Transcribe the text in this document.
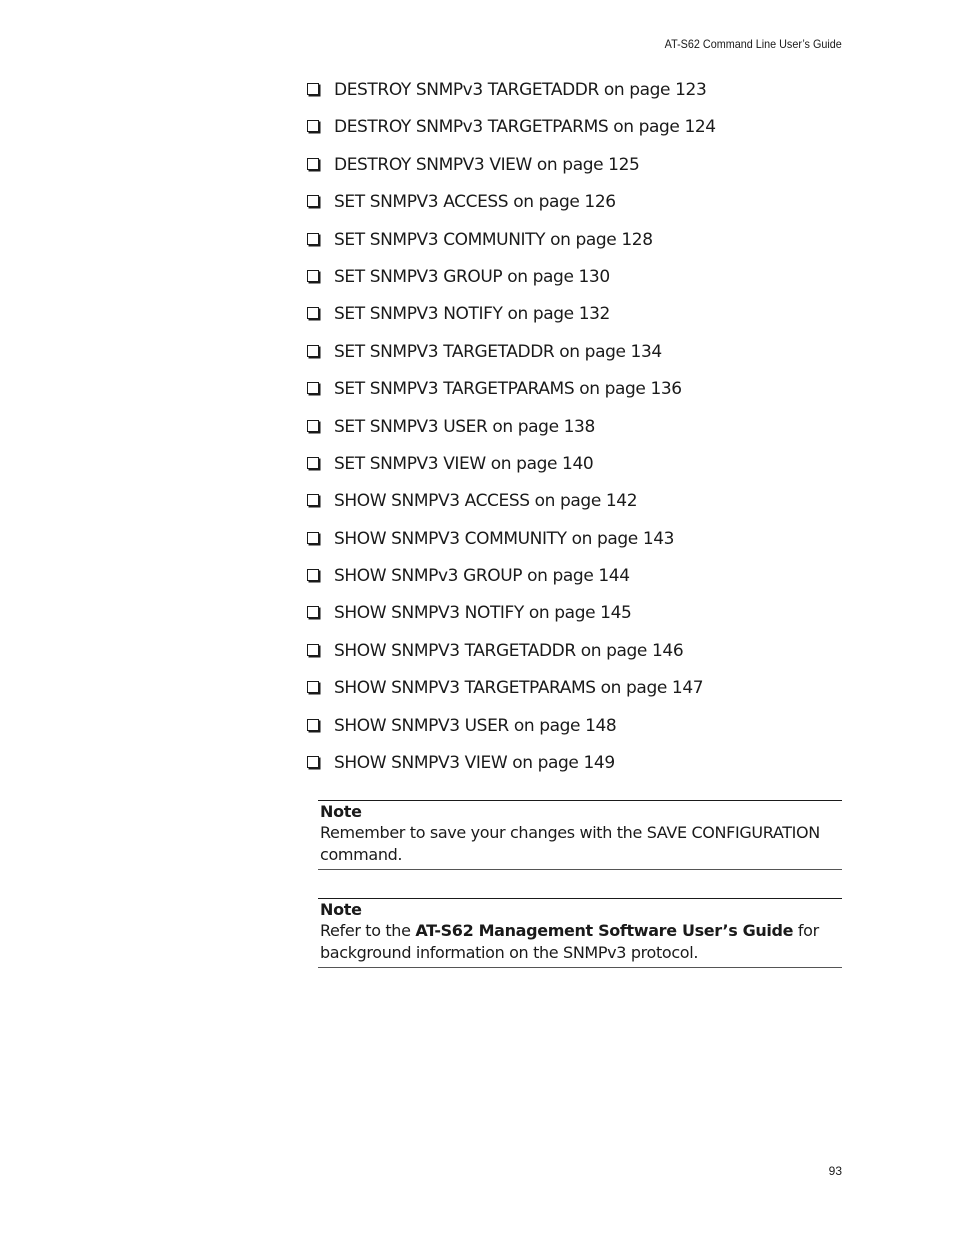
AT-S62 Command Line User’s Guide
DESTROY SNMPv3 TARGETADDR on page 123
DESTROY SNMPv3 TARGETPARMS on page 124
DESTROY SNMPV3 VIEW on page 125
SET SNMPV3 ACCESS on page 126
SET SNMPV3 COMMUNITY on page 128
SET SNMPV3 GROUP on page 130
SET SNMPV3 NOTIFY on page 132
SET SNMPV3 TARGETADDR on page 134
SET SNMPV3 TARGETPARAMS on page 136
SET SNMPV3 USER on page 138
SET SNMPV3 VIEW on page 140
SHOW SNMPV3 ACCESS on page 142
SHOW SNMPV3 COMMUNITY on page 143
SHOW SNMPv3 GROUP on page 144
SHOW SNMPV3 NOTIFY on page 145
SHOW SNMPV3 TARGETADDR on page 146
SHOW SNMPV3 TARGETPARAMS on page 147
SHOW SNMPV3 USER on page 148
SHOW SNMPV3 VIEW on page 149
Note
Remember to save your changes with the SAVE CONFIGURATION command.
Note
Refer to the AT-S62 Management Software User’s Guide for background information on the SNMPv3 protocol.
93
